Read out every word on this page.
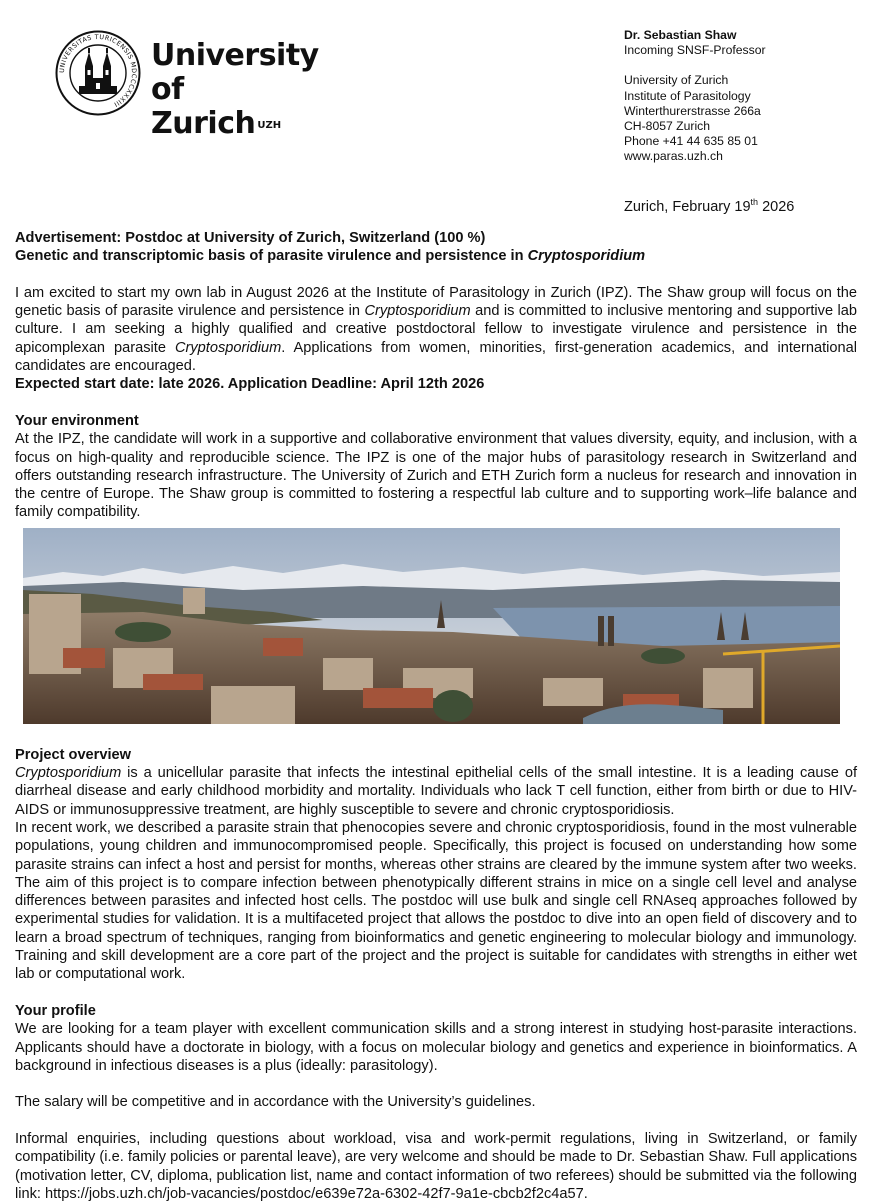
UNIVERSITAS TURICENSIS MDCCCXXXIII
University of
Zurich $^{UZH}$
Dr. Sebastian Shaw
Incoming SNSF-Professor
University of Zurich
Institute of Parasitology
Winterthurerstrasse 266a
CH-8057 Zurich
Phone +41 44 635 85 01
www.paras.uzh.ch
Zurich, February 19th 2026
Advertisement: Postdoc at University of Zurich, Switzerland (100 %)
Genetic and transcriptomic basis of parasite virulence and persistence in Cryptosporidium

I am excited to start my own lab in August 2026 at the Institute of Parasitology in Zurich (IPZ). The Shaw group will focus on the genetic basis of parasite virulence and persistence in Cryptosporidium and is committed to inclusive mentoring and supportive lab culture. I am seeking a highly qualified and creative postdoctoral fellow to investigate virulence and persistence in the apicomplexan parasite Cryptosporidium. Applications from women, minorities, first-generation academics, and international candidates are encouraged.

Expected start date: late 2026. Application Deadline: April 12th 2026
Your environment

At the IPZ, the candidate will work in a supportive and collaborative environment that values diversity, equity, and inclusion, with a focus on high-quality and reproducible science. The IPZ is one of the major hubs of parasitology research in Switzerland and offers outstanding research infrastructure. The University of Zurich and ETH Zurich form a nucleus for research and innovation in the centre of Europe. The Shaw group is committed to fostering a respectful lab culture and to supporting work–life balance and family compatibility.

Project overview

Cryptosporidium is a unicellular parasite that infects the intestinal epithelial cells of the small intestine. It is a leading cause of diarrheal disease and early childhood morbidity and mortality. Individuals who lack T cell function, either from birth or due to HIV-AIDS or immunosuppressive treatment, are highly susceptible to severe and chronic cryptosporidiosis.

In recent work, we described a parasite strain that phenocopies severe and chronic cryptosporidiosis, found in the most vulnerable populations, young children and immunocompromised people. Specifically, this project is focused on understanding how some parasite strains can infect a host and persist for months, whereas other strains are cleared by the immune system after two weeks. The aim of this project is to compare infection between phenotypically different strains in mice on a single cell level and analyse differences between parasites and infected host cells. The postdoc will use bulk and single cell RNAseq approaches followed by experimental studies for validation. It is a multifaceted project that allows the postdoc to dive into an open field of discovery and to learn a broad spectrum of techniques, ranging from bioinformatics and genetic engineering to molecular biology and immunology. Training and skill development are a core part of the project and the project is suitable for candidates with strengths in either wet lab or computational work.

Your profile

We are looking for a team player with excellent communication skills and a strong interest in studying host-parasite interactions. Applicants should have a doctorate in biology, with a focus on molecular biology and genetics and experience in bioinformatics. A background in infectious diseases is a plus (ideally: parasitology).

The salary will be competitive and in accordance with the University’s guidelines.

Informal enquiries, including questions about workload, visa and work-permit regulations, living in Switzerland, or family compatibility (i.e. family policies or parental leave), are very welcome and should be made to Dr. Sebastian Shaw. Full applications (motivation letter, CV, diploma, publication list, name and contact information of two referees) should be submitted via the following link: https://jobs.uzh.ch/job-vacancies/postdoc/e639e72a-6302-42f7-9a1e-cbcb2f2c4a57.
